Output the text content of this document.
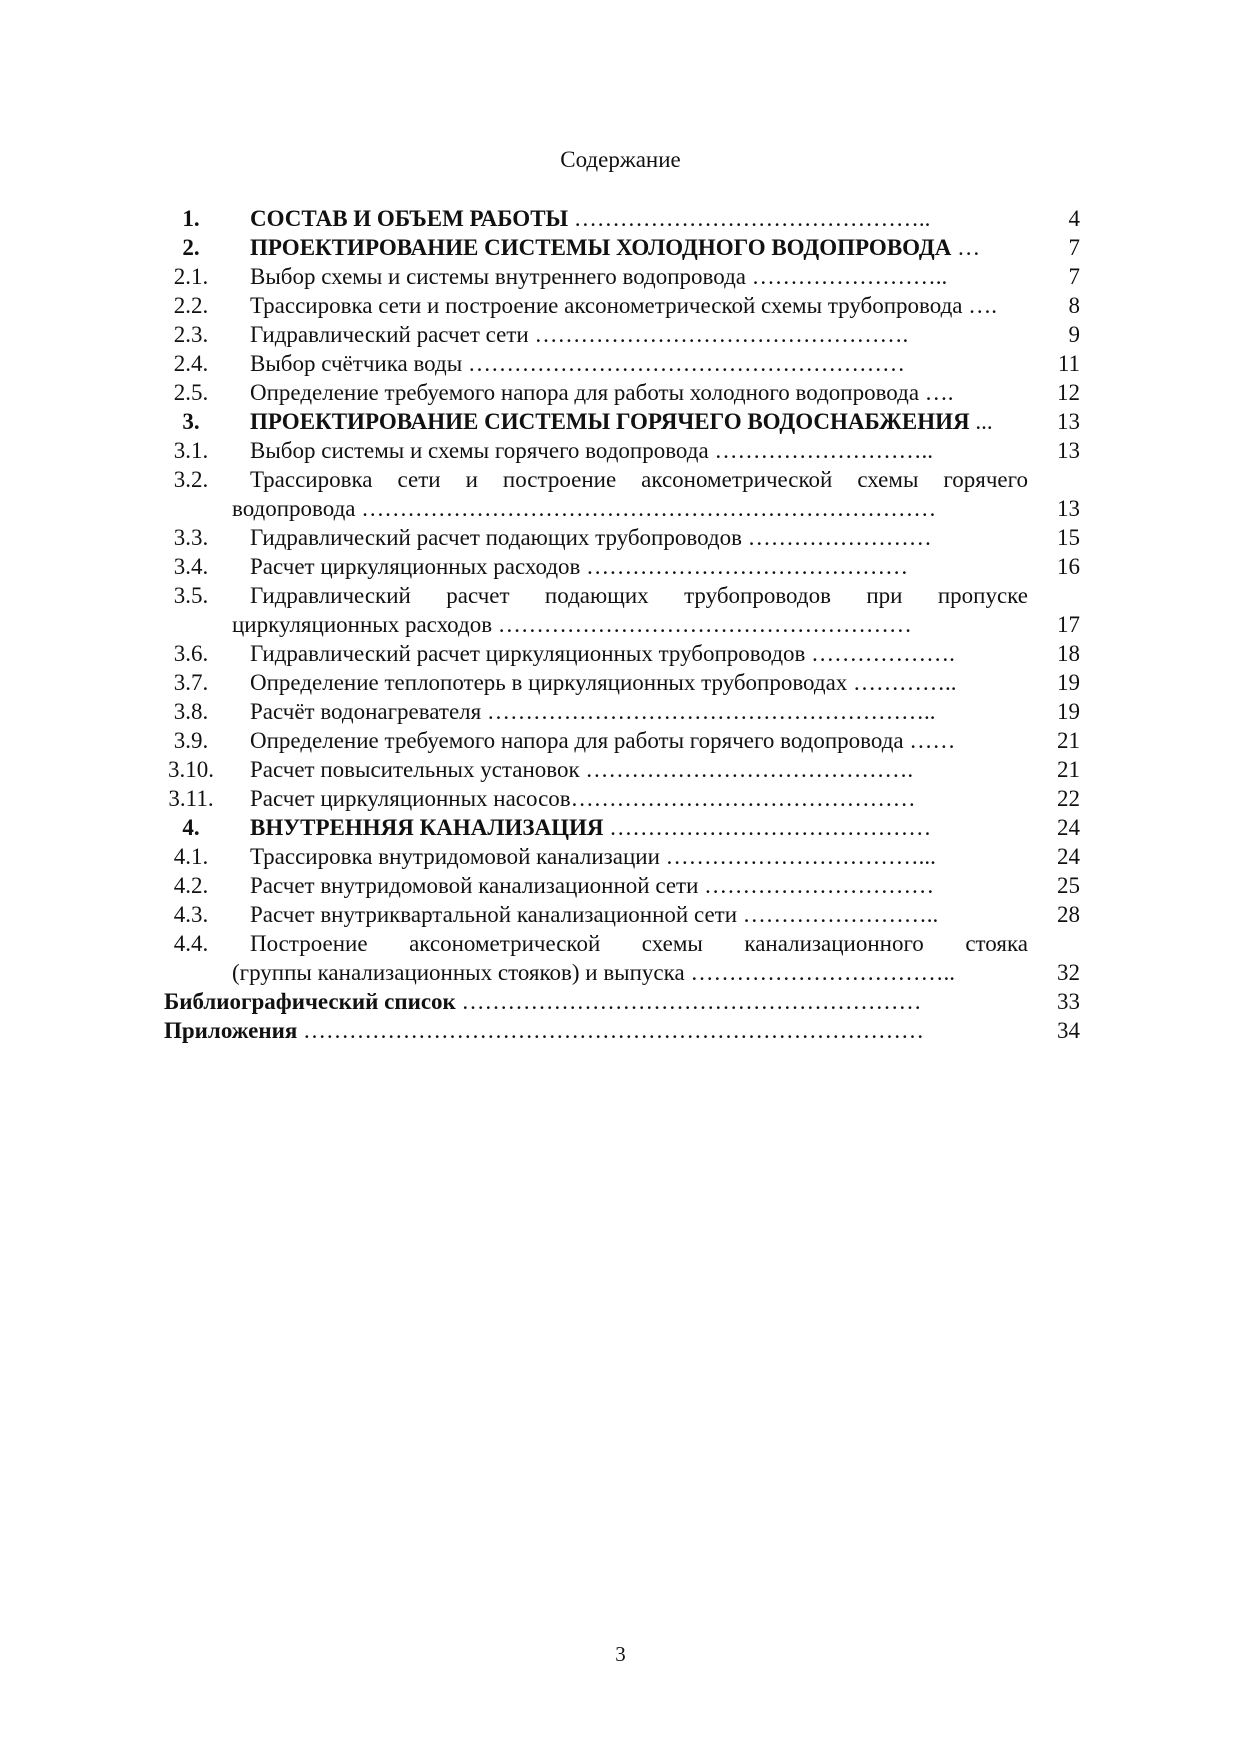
Содержание
1.	СОСТАВ И ОБЪЕМ РАБОТЫ ………………………………………..	4
2.	ПРОЕКТИРОВАНИЕ СИСТЕМЫ ХОЛОДНОГО ВОДОПРОВОДА …	7
2.1.	Выбор схемы и системы внутреннего водопровода ……………………..	7
2.2.	Трассировка сети и построение аксонометрической схемы трубопровода ….	8
2.3.	Гидравлический расчет сети ………………………………………….	9
2.4.	Выбор счётчика воды …………………………………………………	11
2.5.	Определение требуемого напора для работы холодного водопровода ….	12
3.	ПРОЕКТИРОВАНИЕ СИСТЕМЫ ГОРЯЧЕГО ВОДОСНАБЖЕНИЯ ...	13
3.1.	Выбор системы и схемы горячего водопровода ………………………..	13
3.2.	Трассировка сети и построение аксонометрической схемы горячего
водопровода …………………………………………………………………	13
3.3.	Гидравлический расчет подающих трубопроводов ……………………	15
3.4.	Расчет циркуляционных расходов ……………………………………	16
3.5.	Гидравлический расчет подающих трубопроводов при пропуске
циркуляционных расходов ………………………………………………	17
3.6.	Гидравлический расчет циркуляционных трубопроводов ……………….	18
3.7.	Определение теплопотерь в циркуляционных трубопроводах …………..	19
3.8.	Расчёт водонагревателя …………………………………………………..	19
3.9.	Определение требуемого напора для работы горячего водопровода ……	21
3.10.	Расчет повысительных установок …………………………………….	21
3.11.	Расчет циркуляционных насосов………………………………………	22
4.	ВНУТРЕННЯЯ КАНАЛИЗАЦИЯ ……………………………………	24
4.1.	Трассировка внутридомовой канализации ……………………………...	24
4.2.	Расчет внутридомовой канализационной сети …………………………	25
4.3.	Расчет внутриквартальной канализационной сети ……………………..	28
4.4.	Построение аксонометрической схемы канализационного стояка
(группы канализационных стояков) и выпуска ……………………………..	32
Библиографический список ……………………………………………………	33
Приложения ………………………………………………………………………	34
3
